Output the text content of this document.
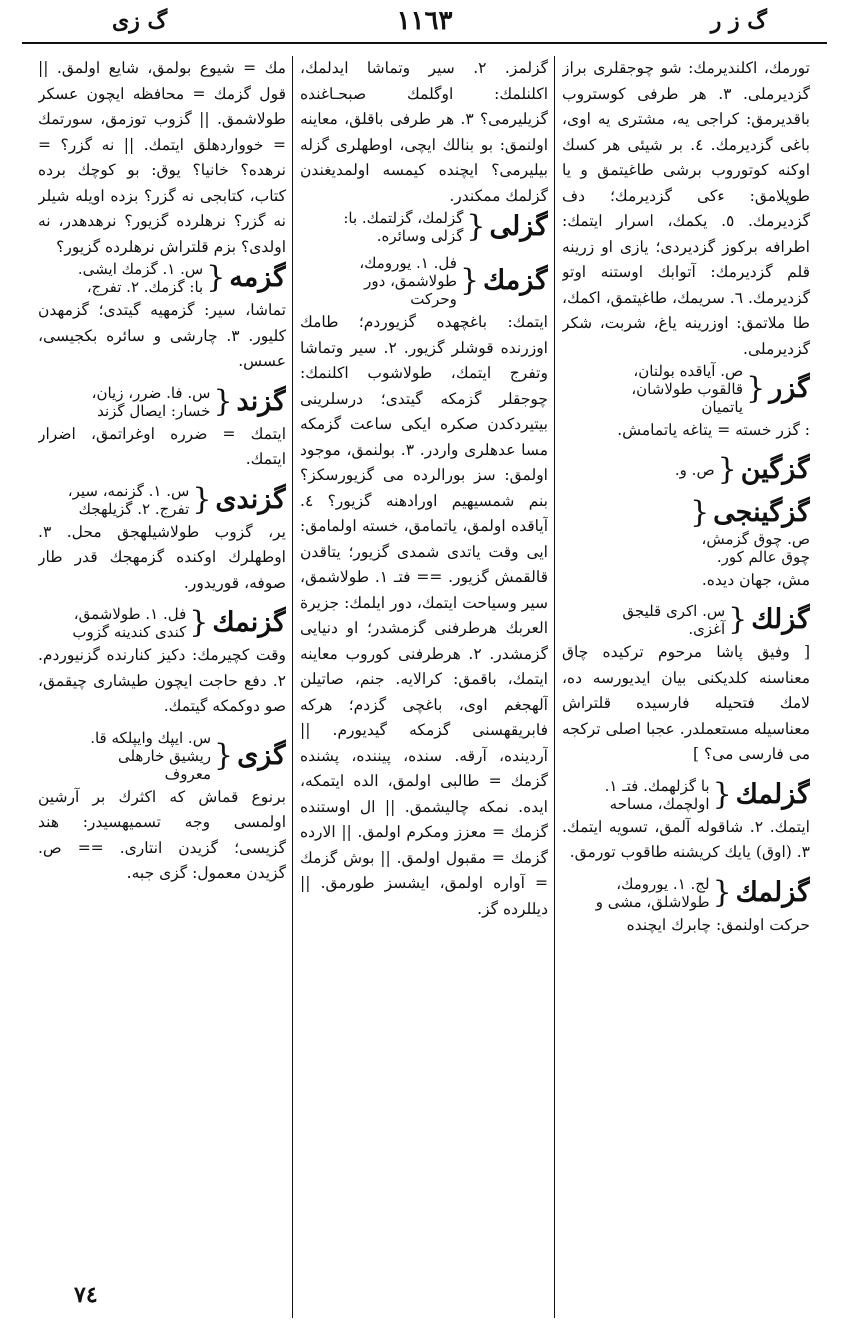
گ زی	١١٦٣	گ ز ر
تورمك، اکلندیرمك: شو چوجقلری براز گزدیرملی. ٣. هر طرفی کوستروب باقدیرمق: کراجی یه، مشتری یه اوی، باغی گزدیرمك. ٤. بر شیئی هر کسك اوکنه کوتوروب برشی طاغیتمق و یا طوپلامق: ءکی گزدیرمك؛ دف گزدیرمك. ٥. یکمك، اسرار ایتمك: اطرافه برکوز گزدیردی؛ یازی او زرینه قلم گزدیرمك: آتوابك اوستنه اوتو گزدیرمك. ٦. سریمك، طاغیتمق، اکمك، طا ملاتمق: اوزرینه یاغ، شربت، شکر گزدیرملی.
گزر{ص. آیاقده بولنان، قالقوب طولاشان، یاتمیان
: گزر خسته = یتاغه یاتمامش.
گزگین{ص. و.
گزگینجی{ص. چوق گزمش، چوق عالم کور.
مش، جهان دیده.
گزلك{س. اکری قلیجق آغزی.
[ وفیق پاشا مرحوم ترکیده چاق معناسنه کلدیکنی بیان ایدیورسه ده، لامك فتحیله فارسیده قلتراش معناسیله مستعملدر. عجبا اصلی ترکجه می فارسی می؟ ]
گزلمك{با گزلهمك. فتـ ١. اولچمك، مساحه
ایتمك. ٢. شاقوله آلمق، تسویه ایتمك. ٣. (اوق) یایك کریشنه طاقوب تورمق.
گزلمك{لج. ١. یورومك، طولاشلق، مشی و
حرکت اولنمق: چابرك ایچنده
گزلمز. ٢. سیر وتماشا ایدلمك، اکلنلمك: اوگلمك صبحـاغنده گزیلیرمی؟ ٣. هر طرفی باقلق، معاینه اولنمق: بو بنالك ایچی، اوطهلری گزله بیلیرمی؟ ایچنده کیمسه اولمدیغندن گزلمك ممکندر.
گزلی{گزلمك، گزلتمك. با: گزلی وسائره.
گزمك{فل. ١. یورومك، طولاشمق، دور وحرکت
ایتمك: باغچهده گزیوردم؛ طامك اوزرنده قوشلر گزیور. ٢. سیر وتماشا وتفرج ایتمك، طولاشوب اکلنمك: چوجقلر گزمکه گیتدی؛ درسلرینی بیتیردکدن صکره ایکی ساعت گزمکه مسا عدهلری واردر. ٣. بولنمق، موجود اولمق: سز بورالرده می گزیورسکز؟ بنم شمسیهیم اورادهنه گزیور؟ ٤. آیاقده اولمق، یاتمامق، خسته اولمامق: ایی وقت یاتدی شمدی گزیور؛ یتاقدن قالقمش گزیور. == فتـ ١. طولاشمق، سیر وسیاحت ایتمك، دور ایلمك: جزیرة العربك هرطرفنی گزمشدر؛ او دنیایی گزمشدر. ٢. هرطرفنی کوروب معاینه ایتمك، باقمق: کرالایه. جنم، صاتیلن آلهجغم اوی، باغچی گزدم؛ هرکه فابریقهسنی گزمکه گیدیورم. || آردینده، آرقه. سنده، پیننده، پشنده گزمك = طالبی اولمق، الده ایتمکه، ایده. نمکه چالیشمق. || ال اوستنده گزمك = معزز ومکرم اولمق. || الارده گزمك = مقبول اولمق. || بوش گزمك = آواره اولمق، ایشسز طورمق. || دیللرده گز.
مك = شیوع بولمق، شایع اولمق. || قول گزمك = محافظه ایچون عسکر طولاشمق. || گزوب توزمق، سورتمك = خوواردهلق ایتمك. || نه گزر؟ = نرهده؟ خانیا؟ یوق: بو کوچك برده کتاب، کتابجی نه گزر؟ بزده اویله شیلر نه گزر؟ نرهلرده گزیور؟ نرهدهدر، نه اولدی؟ بزم قلتراش نرهلرده گزیور؟
گزمه{س. ١. گزمك ایشی. با: گزمك. ٢. تفرج،
تماشا، سیر: گزمهیه گیتدی؛ گزمهدن کلیور. ٣. چارشی و سائره بکجیسی، عسس.
گزند{س. فا. ضرر، زیان، خسار: ایصال گزند
ایتمك = ضرره اوغراتمق، اضرار ایتمك.
گزندی{س. ١. گزنمه، سیر، تفرج. ٢. گزیلهجك
یر، گزوب طولاشیلهجق محل. ٣. اوطهلرك اوکنده گزمهجك قدر طار صوفه، قوریدور.
گزنمك{فل. ١. طولاشمق، کندی کندینه گزوب
وقت کچیرمك: دکیز کنارنده گزنیوردم. ٢. دفع حاجت ایچون طیشاری چیقمق، صو دوکمکه گیتمك.
گزی{س. ایپك وایپلکه قا. ریشیق خارهلی معروف
برنوع قماش که اکثرك بر آرشین اولمسی وجه تسمیهسیدر: هند گزیسی؛ گزیدن انتاری. == ص. گزیدن معمول: گزی جبه.
٧٤
